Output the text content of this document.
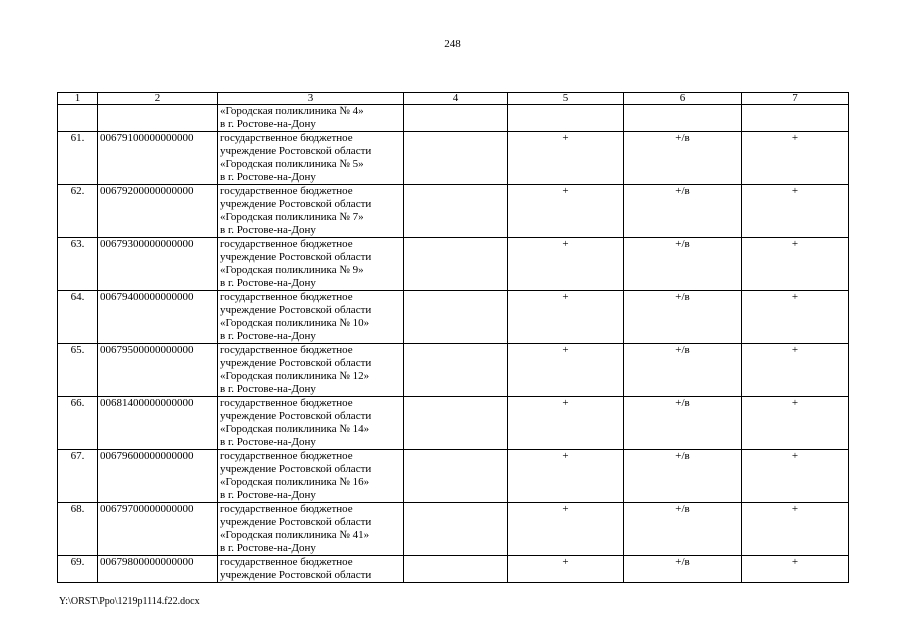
248
1	2	3	4	5	6	7

		«Городская поликлиника № 4»
в г. Ростове-на-Дону				

61.	00679100000000000	государственное бюджетное
учреждение Ростовской области
«Городская поликлиника № 5»
в г. Ростове-на-Дону		+	+/в	+
62.	00679200000000000	государственное бюджетное
учреждение Ростовской области
«Городская поликлиника № 7»
в г. Ростове-на-Дону		+	+/в	+
63.	00679300000000000	государственное бюджетное
учреждение Ростовской области
«Городская поликлиника № 9»
в г. Ростове-на-Дону		+	+/в	+
64.	00679400000000000	государственное бюджетное
учреждение Ростовской области
«Городская поликлиника № 10»
в г. Ростове-на-Дону		+	+/в	+
65.	00679500000000000	государственное бюджетное
учреждение Ростовской области
«Городская поликлиника № 12»
в г. Ростове-на-Дону		+	+/в	+
66.	00681400000000000	государственное бюджетное
учреждение Ростовской области
«Городская поликлиника № 14»
в г. Ростове-на-Дону		+	+/в	+
67.	00679600000000000	государственное бюджетное
учреждение Ростовской области
«Городская поликлиника № 16»
в г. Ростове-на-Дону		+	+/в	+
68.	00679700000000000	государственное бюджетное
учреждение Ростовской области
«Городская поликлиника № 41»
в г. Ростове-на-Дону		+	+/в	+
69.	00679800000000000	государственное бюджетное
учреждение Ростовской области		+	+/в	+
Y:\ORST\Ppo\1219p1114.f22.docx
